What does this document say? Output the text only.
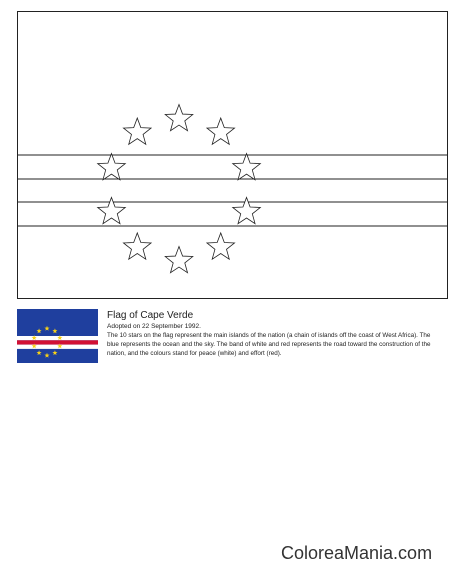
Flag of Cape Verde
Adopted on 22 September 1992.
The 10 stars on the flag represent the main islands of the nation (a chain of islands off the coast of West Africa). The blue represents the ocean and the sky. The band of white and red represents the road toward the construction of the nation, and the colours stand for peace (white) and effort (red).
ColoreaMania.com
